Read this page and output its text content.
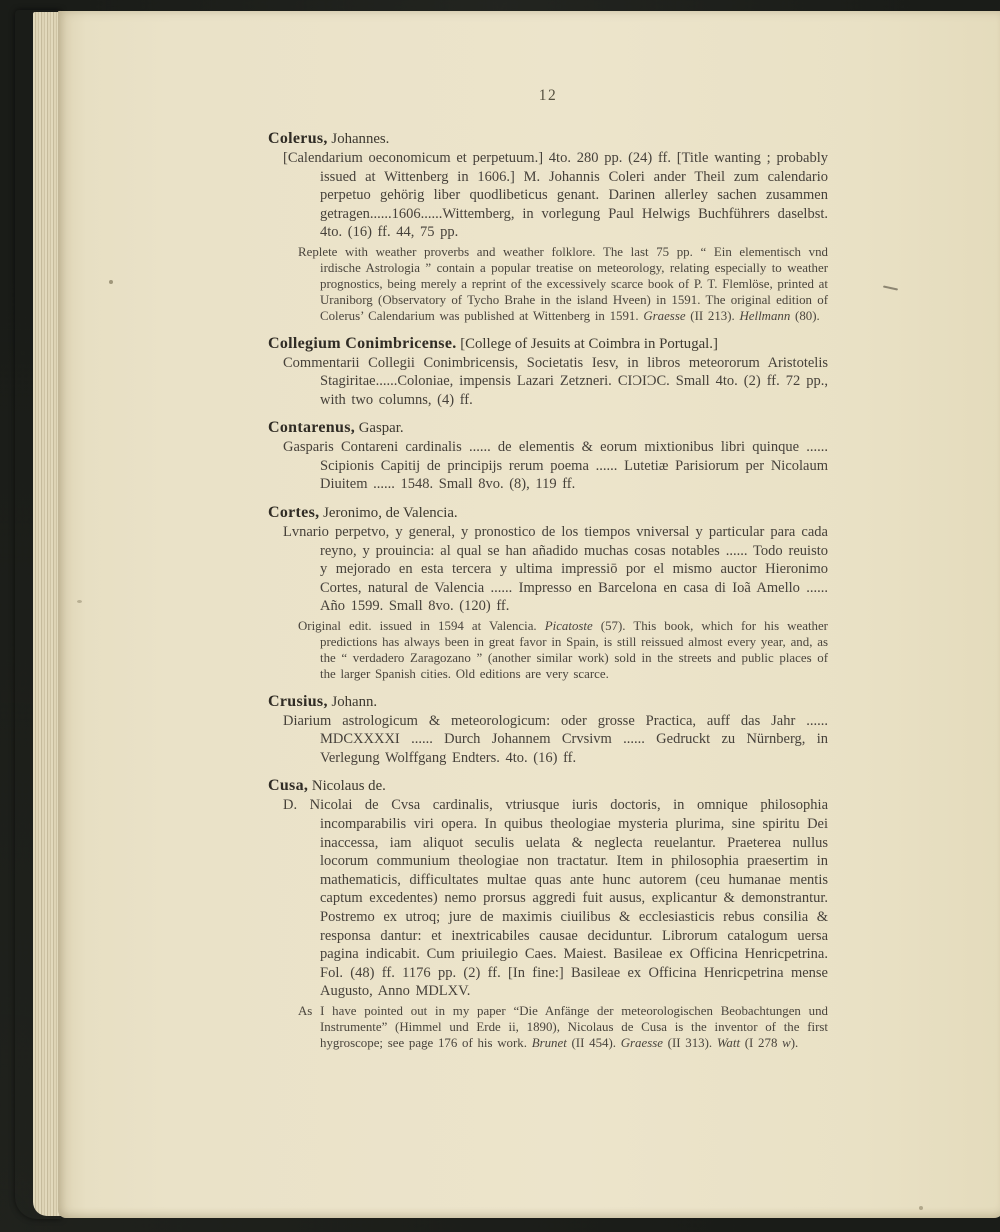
12
Colerus, Johannes.

[Calendarium oeconomicum et perpetuum.] 4to. 280 pp. (24) ff. [Title wanting ; probably issued at Wittenberg in 1606.] M. Johannis Coleri ander Theil zum calendario perpetuo gehörig liber quodlibeticus genant. Darinen allerley sachen zusammen getragen......1606......Wittemberg, in vorlegung Paul Helwigs Buchführers daselbst. 4to. (16) ff. 44, 75 pp.

Replete with weather proverbs and weather folklore. The last 75 pp. “ Ein elementisch vnd irdische Astrologia ” contain a popular treatise on meteorology, relating especially to weather prognostics, being merely a reprint of the excessively scarce book of P. T. Flemlöse, printed at Uraniborg (Observatory of Tycho Brahe in the island Hveen) in 1591. The original edition of Colerus’ Calendarium was published at Wittenberg in 1591. Graesse (II 213). Hellmann (80).

Collegium Conimbricense. [College of Jesuits at Coimbra in Portugal.]

Commentarii Collegii Conimbricensis, Societatis Iesv, in libros meteororum Aristotelis Stagiritae......Coloniae, impensis Lazari Zetzneri. CIƆIƆC. Small 4to. (2) ff. 72 pp., with two columns, (4) ff.

Contarenus, Gaspar.

Gasparis Contareni cardinalis ...... de elementis & eorum mixtionibus libri quinque ...... Scipionis Capitij de principijs rerum poema ...... Lutetiæ Parisiorum per Nicolaum Diuitem ...... 1548. Small 8vo. (8), 119 ff.

Cortes, Jeronimo, de Valencia.

Lvnario perpetvo, y general, y pronostico de los tiempos vniversal y particular para cada reyno, y prouincia: al qual se han añadido muchas cosas notables ...... Todo reuisto y mejorado en esta tercera y ultima impressiō por el mismo auctor Hieronimo Cortes, natural de Valencia ...... Impresso en Barcelona en casa di Ioã Amello ...... Año 1599. Small 8vo. (120) ff.

Original edit. issued in 1594 at Valencia. Picatoste (57). This book, which for his weather predictions has always been in great favor in Spain, is still reissued almost every year, and, as the “ verdadero Zaragozano ” (another similar work) sold in the streets and public places of the larger Spanish cities. Old editions are very scarce.

Crusius, Johann.

Diarium astrologicum & meteorologicum: oder grosse Practica, auff das Jahr ...... MDCXXXXI ...... Durch Johannem Crvsivm ...... Gedruckt zu Nürnberg, in Verlegung Wolffgang Endters. 4to. (16) ff.

Cusa, Nicolaus de.

D. Nicolai de Cvsa cardinalis, vtriusque iuris doctoris, in omnique philosophia incomparabilis viri opera. In quibus theologiae mysteria plurima, sine spiritu Dei inaccessa, iam aliquot seculis uelata & neglecta reuelantur. Praeterea nullus locorum communium theologiae non tractatur. Item in philosophia praesertim in mathematicis, difficultates multae quas ante hunc autorem (ceu humanae mentis captum excedentes) nemo prorsus aggredi fuit ausus, explicantur & demonstrantur. Postremo ex utroq; jure de maximis ciuilibus & ecclesiasticis rebus consilia & responsa dantur: et inextricabiles causae deciduntur. Librorum catalogum uersa pagina indicabit. Cum priuilegio Caes. Maiest. Basileae ex Officina Henricpetrina. Fol. (48) ff. 1176 pp. (2) ff. [In fine:] Basileae ex Officina Henricpetrina mense Augusto, Anno MDLXV.

As I have pointed out in my paper “Die Anfänge der meteorologischen Beobachtungen und Instrumente” (Himmel und Erde ii, 1890), Nicolaus de Cusa is the inventor of the first hygroscope; see page 176 of his work. Brunet (II 454). Graesse (II 313). Watt (I 278 w).
